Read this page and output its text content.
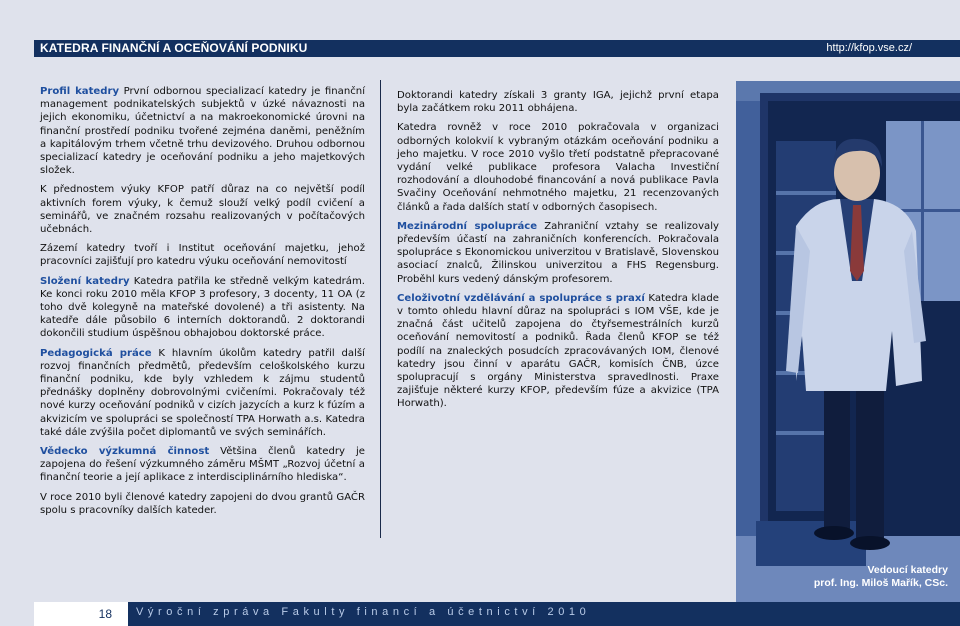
KATEDRA FINANČNÍ A OCEŇOVÁNÍ PODNIKU	http://kfop.vse.cz/

Profil katedry První odbornou specializací katedry je finanční management podnikatelských subjektů v úzké návaznosti na jejich ekonomiku, účetnictví a na makroekonomické úrovni na finanční prostředí podniku tvořené zejména daněmi, peněžním a kapitálovým trhem včetně trhu devizového. Druhou odbornou specializací katedry je oceňování podniku a jeho majetkových složek.

K přednostem výuky KFOP patří důraz na co největší podíl aktivních forem výuky, k čemuž slouží velký podíl cvičení a seminářů, ve značném rozsahu realizovaných v počítačových učebnách.

Zázemí katedry tvoří i Institut oceňování majetku, jehož pracovníci zajišťují pro katedru výuku oceňování nemovitostí

Složení katedry Katedra patřila ke středně velkým katedrám. Ke konci roku 2010 měla KFOP 3 profesory, 3 docenty, 11 OA (z toho dvě kolegyně na mateřské dovolené) a tři asistenty. Na katedře dále působilo 6 interních doktorandů. 2 doktorandi dokončili studium úspěšnou obhajobou doktorské práce.

Pedagogická práce K hlavním úkolům katedry patřil další rozvoj finančních předmětů, především celoškolského kurzu finanční podniku, kde byly vzhledem k zájmu studentů přednášky doplněny dobrovolnými cvičeními. Pokračovaly též nové kurzy oceňování podniků v cizích jazycích a kurz k fúzím a akvizicím ve spolupráci se společností TPA Horwath a.s. Katedra také dále zvýšila počet diplomantů ve svých seminářích.

Vědecko výzkumná činnost Většina členů katedry je zapojena do řešení výzkumného záměru MŠMT „Rozvoj účetní a finanční teorie a její aplikace z interdisciplinárního hlediska“.

V roce 2010 byli členové katedry zapojeni do dvou grantů GAČR spolu s pracovníky dalších kateder.

Doktorandi katedry získali 3 granty IGA, jejichž první etapa byla začátkem roku 2011 obhájena.

Katedra rovněž v roce 2010 pokračovala v organizaci odborných kolokvií k vybraným otázkám oceňování podniku a jeho majetku. V roce 2010 vyšlo třetí podstatně přepracované vydání velké publikace profesora Valacha Investiční rozhodování a dlouhodobé financování a nová publikace Pavla Svačiny Oceňování nehmotného majetku, 21 recenzovaných článků a řada dalších statí v odborných časopisech.

Mezinárodní spolupráce Zahraniční vztahy se realizovaly především účastí na zahraničních konferencích. Pokračovala spolupráce s Ekonomickou univerzitou v Bratislavě, Slovenskou asociací znalců, Žilinskou univerzitou a FHS Regensburg. Proběhl kurs vedený dánským profesorem.

Celoživotní vzdělávání a spolupráce s praxí Katedra klade v tomto ohledu hlavní důraz na spolupráci s IOM VŠE, kde je značná část učitelů zapojena do čtyřsemestrálních kurzů oceňování nemovitostí a podniků. Řada členů KFOP se též podílí na znaleckých posudcích zpracovávaných IOM, členové katedry jsou činní v aparátu GAČR, komisích ČNB, úzce spolupracují s orgány Ministerstva spravedlnosti. Praxe zajišťuje některé kurzy KFOP, především fúze a akvizice (TPA Horwath).

Vedoucí katedry
prof. Ing. Miloš Mařík, CSc.
18 Výroční zpráva Fakulty financí a účetnictví 2010
